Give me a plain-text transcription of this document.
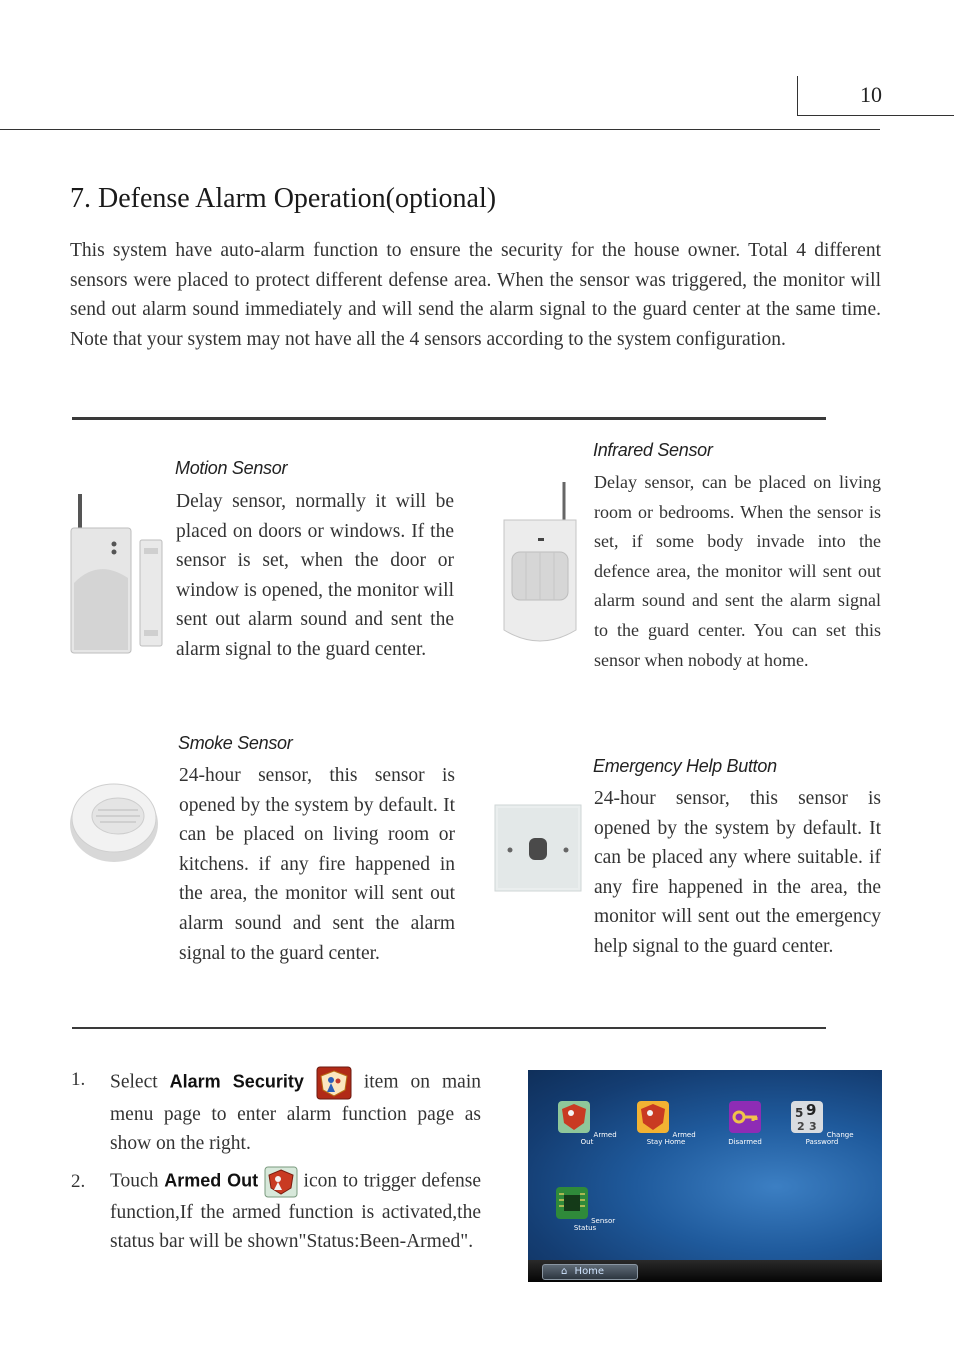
10
7. Defense Alarm Operation(optional)
This system have auto-alarm function to ensure the security for the house owner. Total 4 different sensors were placed to protect different defense area. When the sensor was triggered, the monitor will send out alarm sound immediately and will send the alarm signal to the guard center at the same time. Note that your system may not have all the 4 sensors according to the system configuration.
Motion Sensor
Delay sensor, normally it will be placed on doors or windows. If the sensor is set, when the door or window is opened, the monitor will sent out alarm sound and sent the alarm signal to the guard center.
Infrared Sensor
Delay sensor, can be placed on living room or bedrooms. When the sensor is set, if some body invade into the defence area, the monitor will sent out alarm sound and sent the alarm signal to the guard center. You can set this sensor when nobody at home.
Smoke Sensor
24-hour sensor, this sensor is opened by the system by default. It can be placed on living room or kitchens. if any fire happened in the area, the monitor will sent out alarm sound and sent the alarm signal to the guard center.
Emergency Help Button
24-hour sensor, this sensor is opened by the system by default. It can be placed any where suitable. if any fire happened in the area, the monitor will sent out the emergency help signal to the guard center.
1. Select Alarm Security	item on main menu page to enter alarm function page as show on the right.
2. Touch Armed Out icon to trigger defense function,If the armed function is activated,the status bar will be shown"Status:Been-Armed".
Armed Out
Armed Stay Home	Disarmed
5 9
2 3
Change Password
Sensor Status
⌂ Home
